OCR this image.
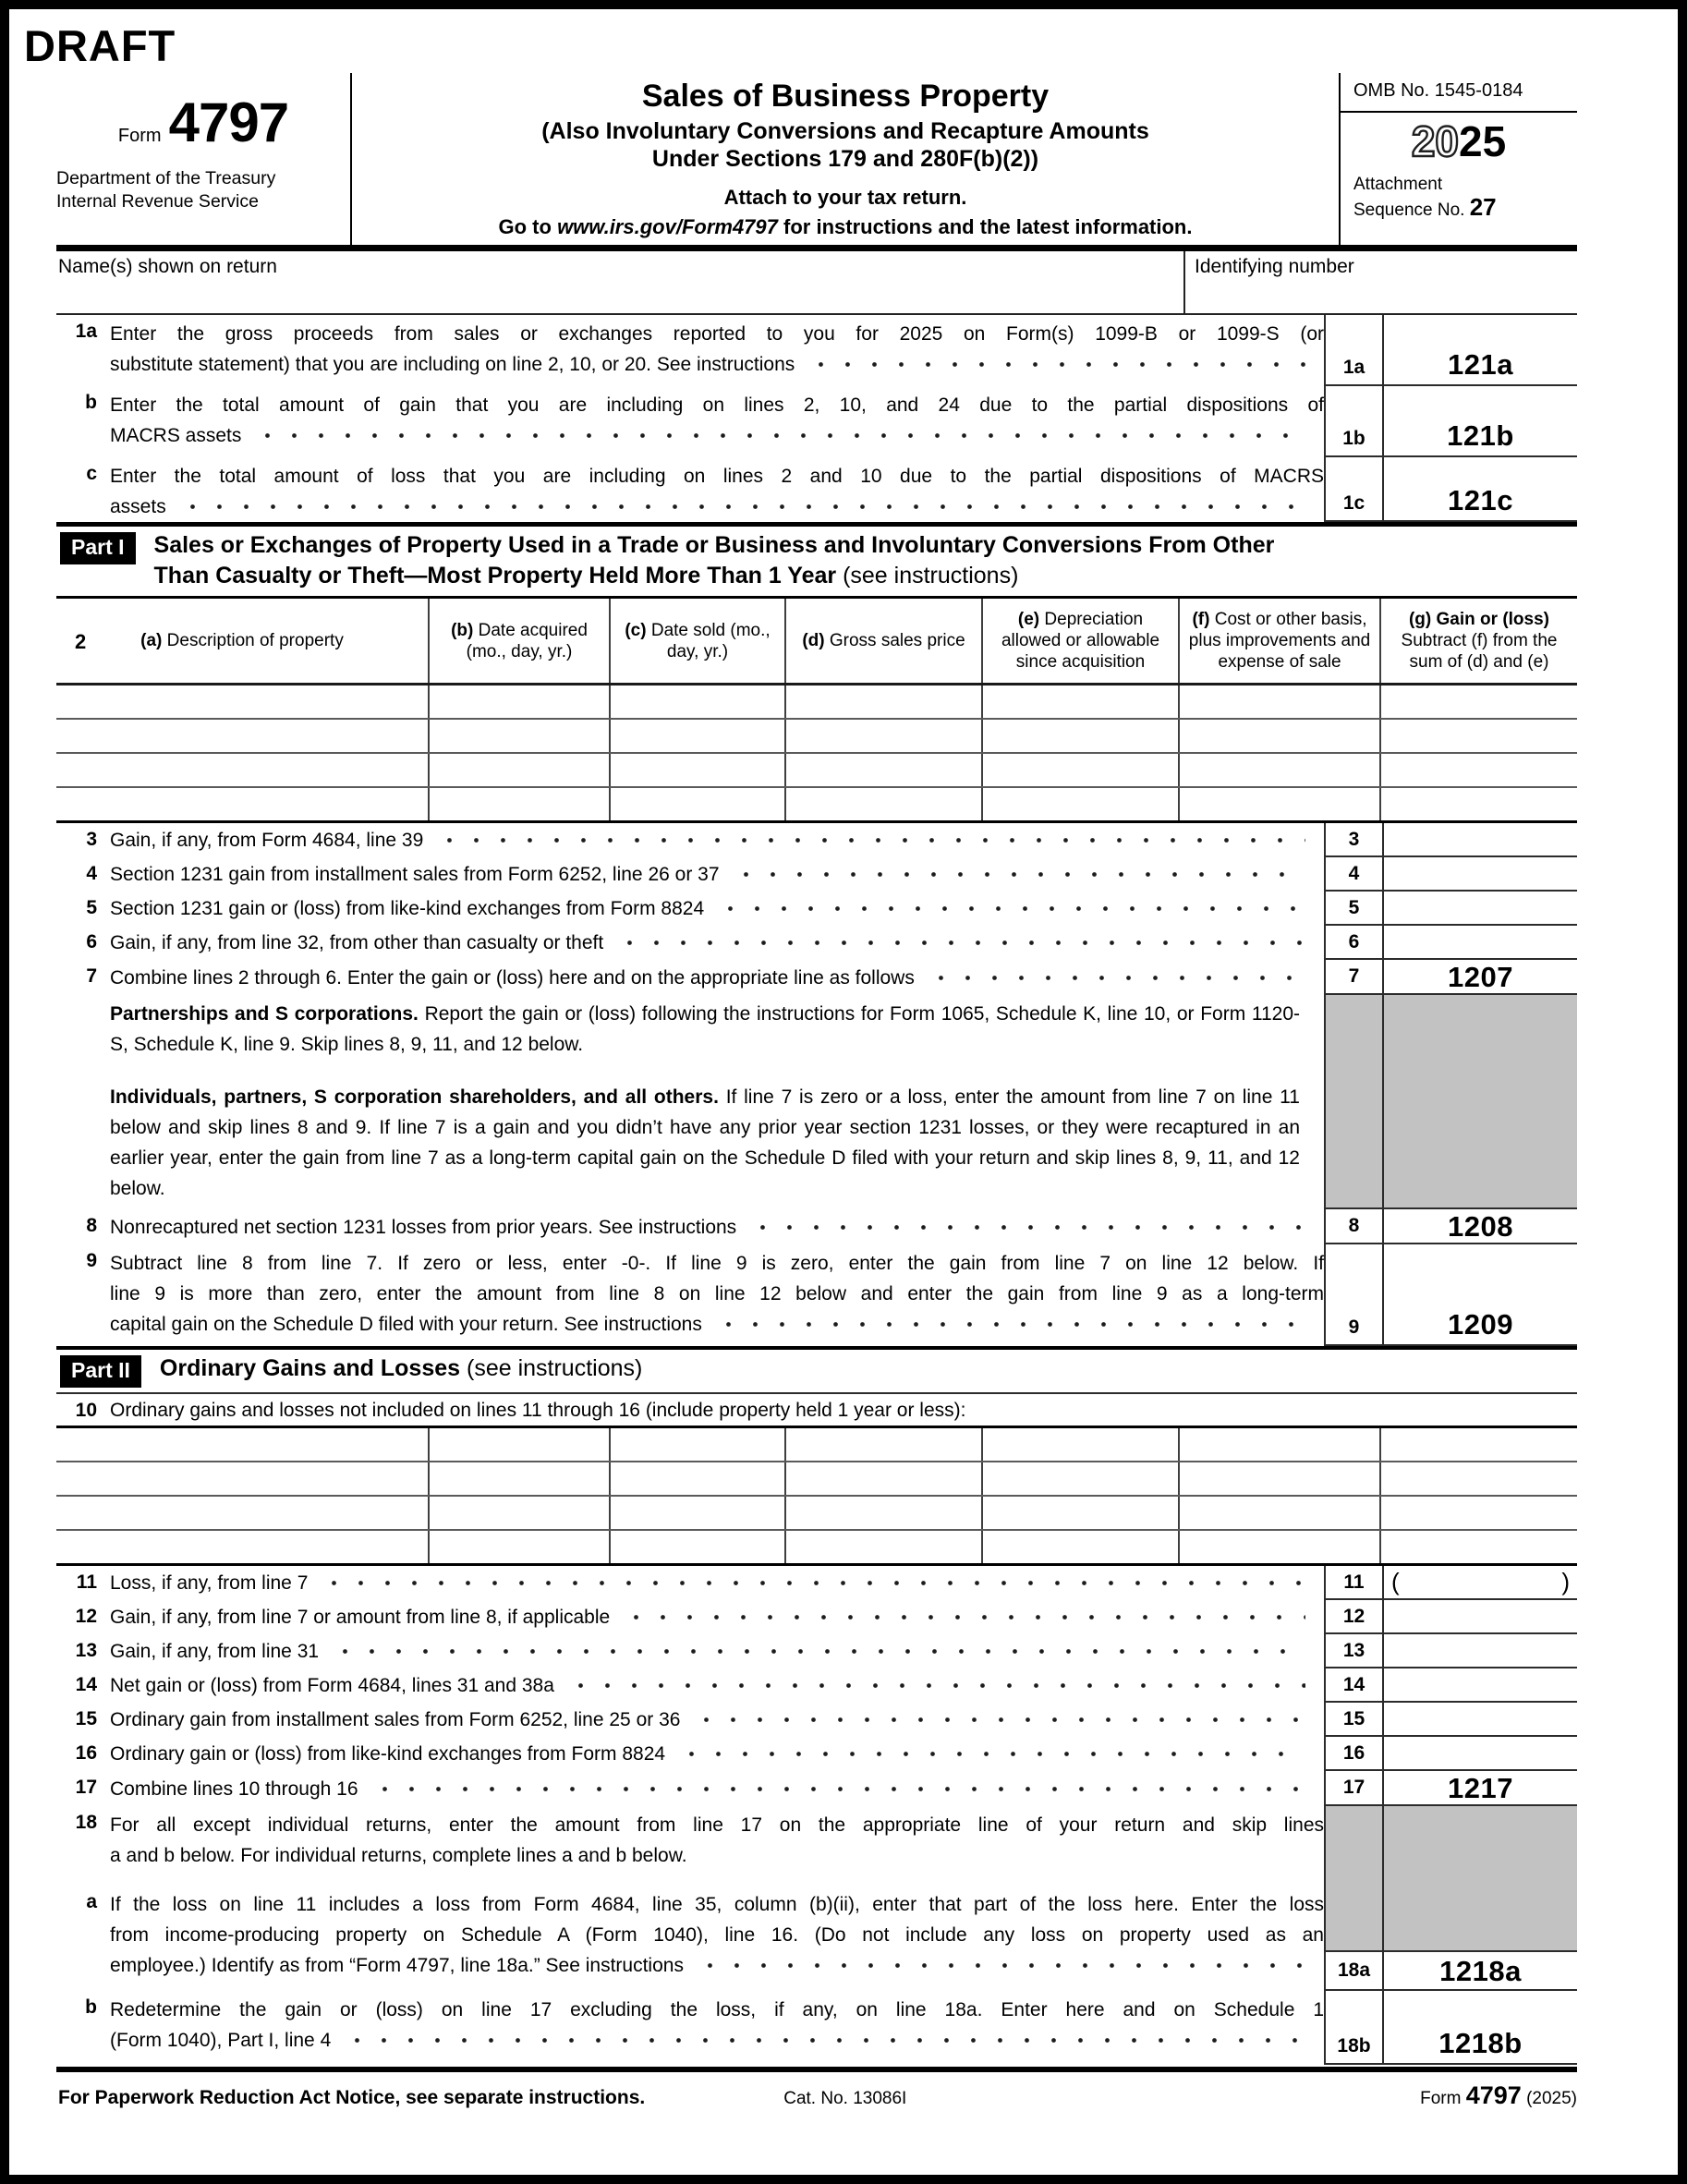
DRAFT
Form 4797
Department of the Treasury
Internal Revenue Service
Sales of Business Property
(Also Involuntary Conversions and Recapture Amounts
Under Sections 179 and 280F(b)(2))
Attach to your tax return.
Go to www.irs.gov/Form4797 for instructions and the latest information.
OMB No. 1545-0184
2025
Attachment
Sequence No. 27
Name(s) shown on return	Identifying number
1a Enter the gross proceeds from sales or exchanges reported to you for 2025 on Form(s) 1099-B or 1099-S (or
substitute statement) that you are including on line 2, 10, or 20. See instructions	1a	121a
b Enter the total amount of gain that you are including on lines 2, 10, and 24 due to the partial dispositions of
MACRS assets	1b	121b
c Enter the total amount of loss that you are including on lines 2 and 10 due to the partial dispositions of MACRS
assets	1c	121c
Part I	Sales or Exchanges of Property Used in a Trade or Business and Involuntary Conversions From Other
Than Casualty or Theft—Most Property Held More Than 1 Year (see instructions)
2 (a) Description of property	(b) Date acquired (mo., day, yr.)	(c) Date sold (mo., day, yr.)	(d) Gross sales price	(e) Depreciation allowed or allowable since acquisition	(f) Cost or other basis, plus improvements and expense of sale	(g) Gain or (loss) Subtract (f) from the sum of (d) and (e)

3 Gain, if any, from Form 4684, line 39	3
4 Section 1231 gain from installment sales from Form 6252, line 26 or 37	4
5 Section 1231 gain or (loss) from like-kind exchanges from Form 8824	5
6 Gain, if any, from line 32, from other than casualty or theft	6
7 Combine lines 2 through 6. Enter the gain or (loss) here and on the appropriate line as follows	7	1207
Partnerships and S corporations. Report the gain or (loss) following the instructions for Form 1065, Schedule K, line 10, or Form 1120-S, Schedule K, line 9. Skip lines 8, 9, 11, and 12 below.
Individuals, partners, S corporation shareholders, and all others. If line 7 is zero or a loss, enter the amount from line 7 on line 11 below and skip lines 8 and 9. If line 7 is a gain and you didn’t have any prior year section 1231 losses, or they were recaptured in an earlier year, enter the gain from line 7 as a long-term capital gain on the Schedule D filed with your return and skip lines 8, 9, 11, and 12 below.
8 Nonrecaptured net section 1231 losses from prior years. See instructions	8	1208
9 Subtract line 8 from line 7. If zero or less, enter -0-. If line 9 is zero, enter the gain from line 7 on line 12 below. If
line 9 is more than zero, enter the amount from line 8 on line 12 below and enter the gain from line 9 as a long-term
capital gain on the Schedule D filed with your return. See instructions	9	1209
Part II	Ordinary Gains and Losses (see instructions)
10 Ordinary gains and losses not included on lines 11 through 16 (include property held 1 year or less):

11 Loss, if any, from line 7	11	(	)
12 Gain, if any, from line 7 or amount from line 8, if applicable	12
13 Gain, if any, from line 31	13
14 Net gain or (loss) from Form 4684, lines 31 and 38a	14
15 Ordinary gain from installment sales from Form 6252, line 25 or 36	15
16 Ordinary gain or (loss) from like-kind exchanges from Form 8824	16
17 Combine lines 10 through 16	17	1217
18 For all except individual returns, enter the amount from line 17 on the appropriate line of your return and skip lines
a and b below. For individual returns, complete lines a and b below.
a If the loss on line 11 includes a loss from Form 4684, line 35, column (b)(ii), enter that part of the loss here. Enter the loss
from income-producing property on Schedule A (Form 1040), line 16. (Do not include any loss on property used as an
employee.) Identify as from “Form 4797, line 18a.” See instructions	18a	1218a
b Redetermine the gain or (loss) on line 17 excluding the loss, if any, on line 18a. Enter here and on Schedule 1
(Form 1040), Part I, line 4	18b	1218b
For Paperwork Reduction Act Notice, see separate instructions.	Cat. No. 13086I	Form 4797 (2025)
